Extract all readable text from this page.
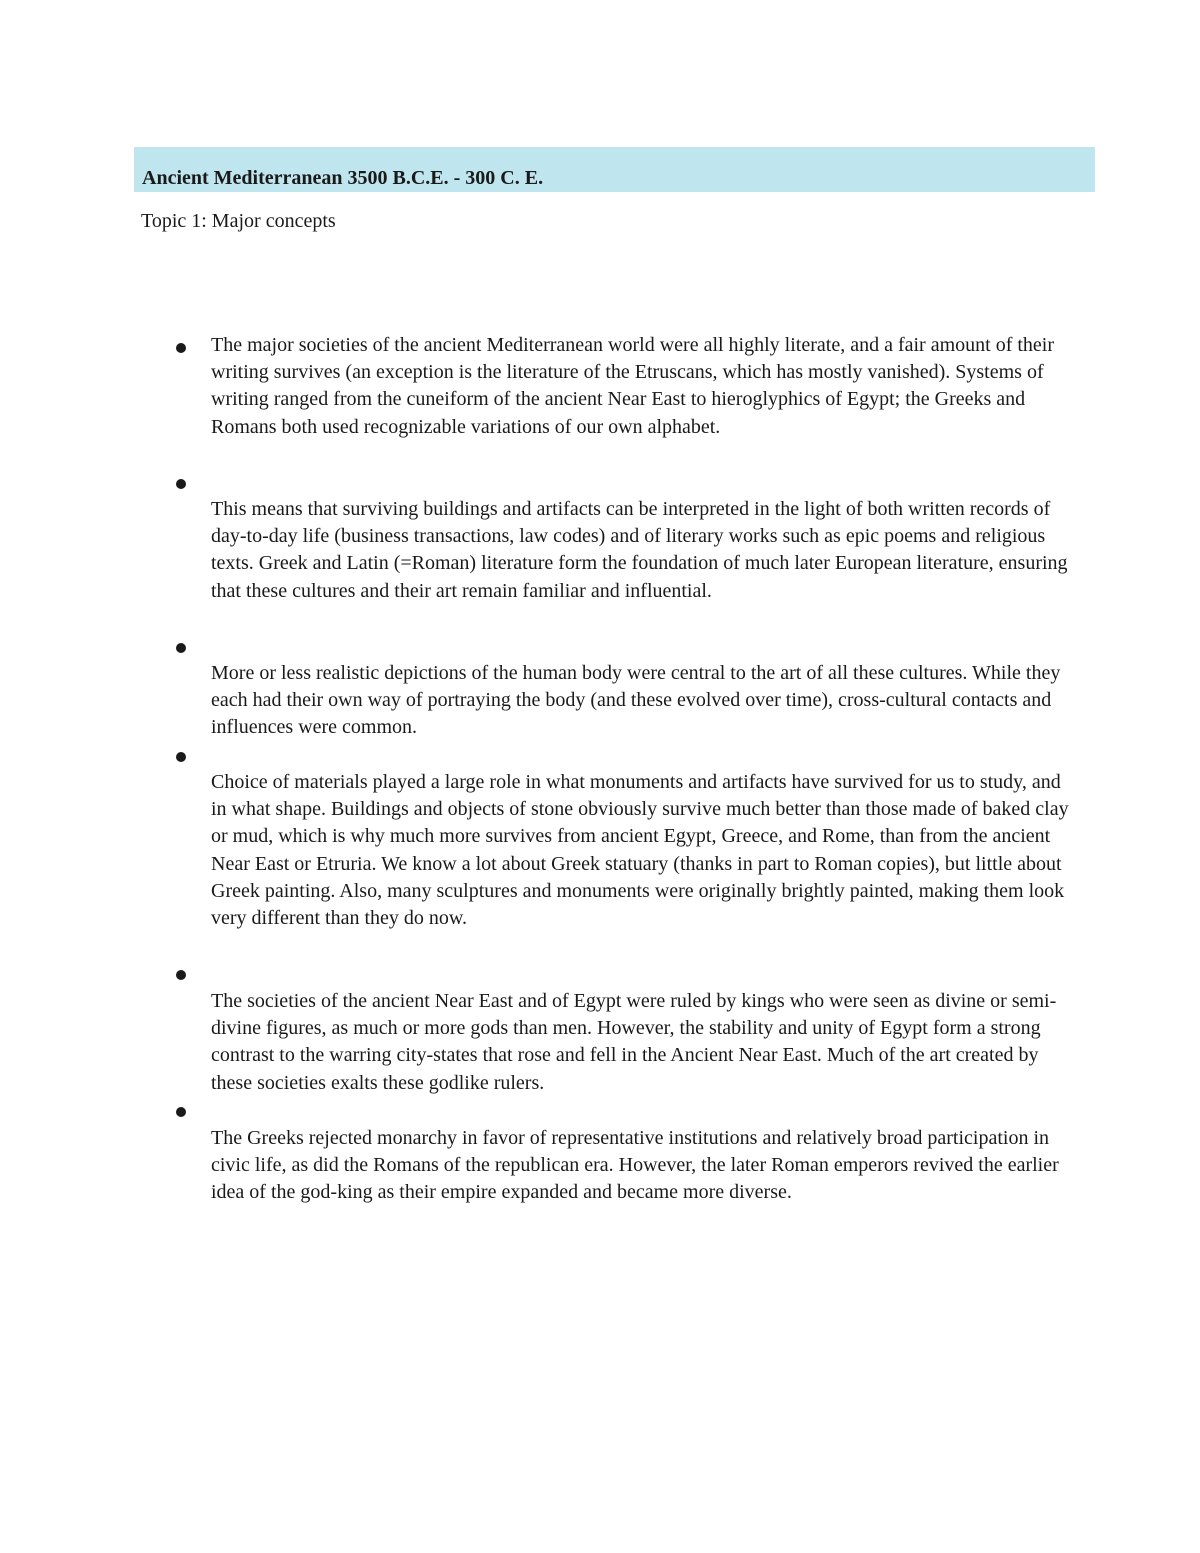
Ancient Mediterranean 3500 B.C.E. - 300 C. E.
Topic 1: Major concepts

The major societies of the ancient Mediterranean world were all highly literate, and a fair amount of their writing survives (an exception is the literature of the Etruscans, which has mostly vanished). Systems of writing ranged from the cuneiform of the ancient Near East to hieroglyphics of Egypt; the Greeks and Romans both used recognizable variations of our own alphabet.

This means that surviving buildings and artifacts can be interpreted in the light of both written records of day-to-day life (business transactions, law codes) and of literary works such as epic poems and religious texts. Greek and Latin (=Roman) literature form the foundation of much later European literature, ensuring that these cultures and their art remain familiar and influential.

More or less realistic depictions of the human body were central to the art of all these cultures. While they each had their own way of portraying the body (and these evolved over time), cross-cultural contacts and influences were common.

Choice of materials played a large role in what monuments and artifacts have survived for us to study, and in what shape. Buildings and objects of stone obviously survive much better than those made of baked clay or mud, which is why much more survives from ancient Egypt, Greece, and Rome, than from the ancient Near East or Etruria. We know a lot about Greek statuary (thanks in part to Roman copies), but little about Greek painting. Also, many sculptures and monuments were originally brightly painted, making them look very different than they do now.

The societies of the ancient Near East and of Egypt were ruled by kings who were seen as divine or semi-divine figures, as much or more gods than men. However, the stability and unity of Egypt form a strong contrast to the warring city-states that rose and fell in the Ancient Near East. Much of the art created by these societies exalts these godlike rulers.

The Greeks rejected monarchy in favor of representative institutions and relatively broad participation in civic life, as did the Romans of the republican era. However, the later Roman emperors revived the earlier idea of the god-king as their empire expanded and became more diverse.
